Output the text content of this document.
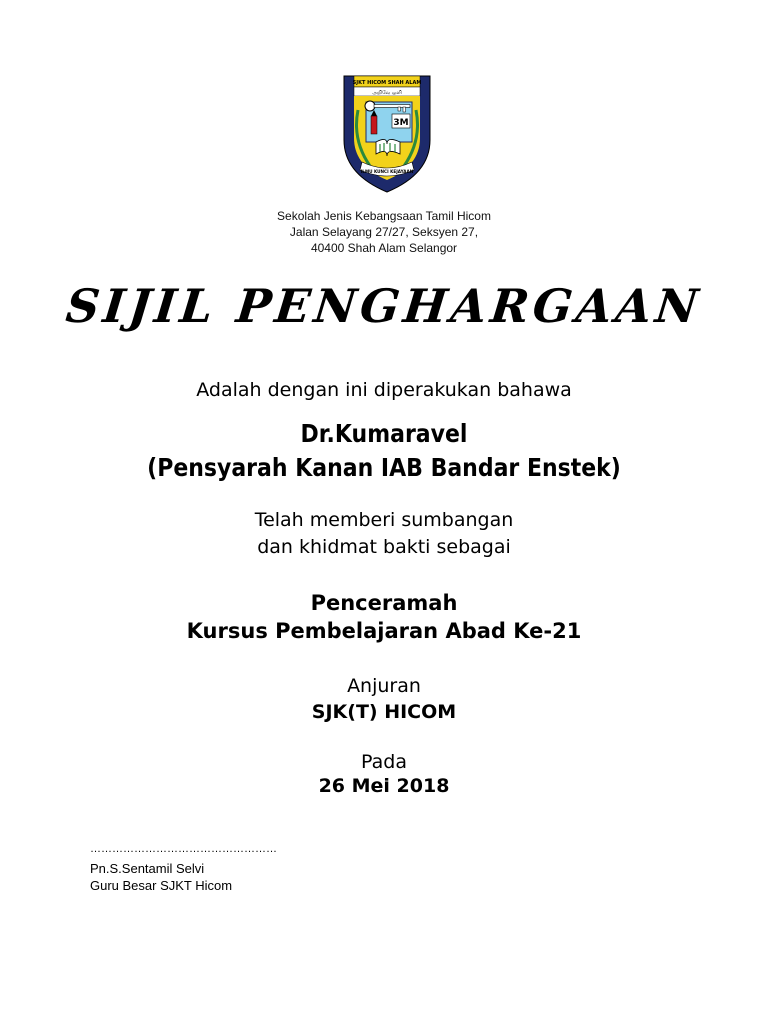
SJKT HICOM SHAH ALAM
அறிவே ஒளி
3M
ILMU KUNCI KEJAYAAN
Sekolah Jenis Kebangsaan Tamil Hicom
Jalan Selayang 27/27, Seksyen 27,
40400 Shah Alam Selangor
SIJIL PENGHARGAAN
Adalah dengan ini diperakukan bahawa
Dr.Kumaravel
(Pensyarah Kanan IAB Bandar Enstek)
Telah memberi sumbangan
dan khidmat bakti sebagai
Penceramah
Kursus Pembelajaran Abad Ke-21
Anjuran
SJK(T) HICOM
Pada
26 Mei 2018
……………………………………………
Pn.S.Sentamil Selvi
Guru Besar SJKT Hicom
